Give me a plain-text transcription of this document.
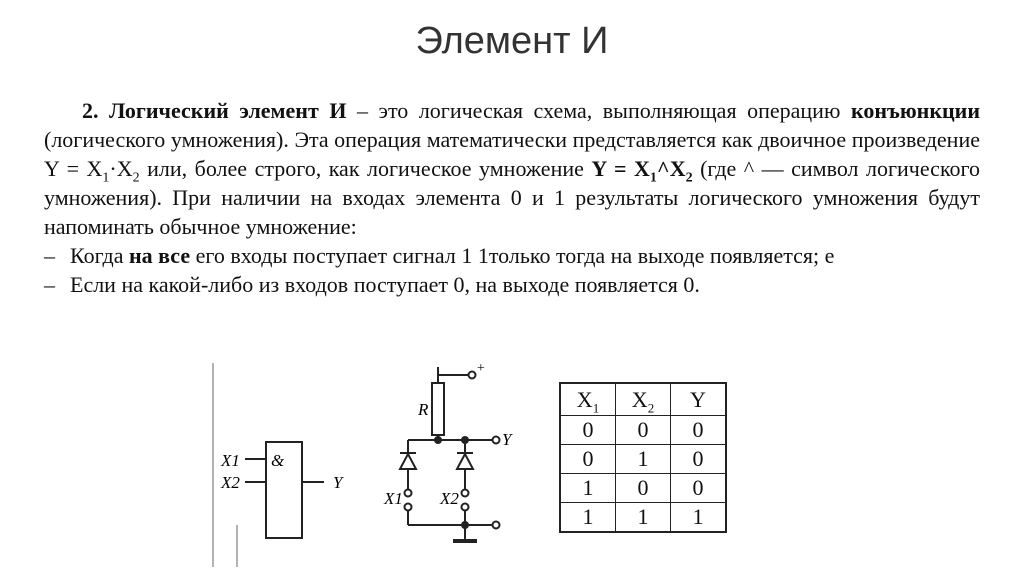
Элемент И

2. Логический элемент И – это логическая схема, выполняющая операцию конъюнкции (логического умножения). Эта операция математически представляется как двоичное произведение $Y = X_1\cdot X_2$ или, более строго, как логическое умножение $Y = X_1\^{}X_2$ (где ^ — символ логического умножения). При наличии на входах элемента 0 и 1 результаты логического умножения будут напоминать обычное умножение:

– Когда на все его входы поступает сигнал 1 1только тогда на выходе появляется; е
– Если на какой-либо из входов поступает 0, на выходе появляется 0.
&
X1
X2	Y
+
R
Y
X1 X2
$X_1$	$X_2$	Y
0	0	0
0	1	0
1	0	0
1	1	1
